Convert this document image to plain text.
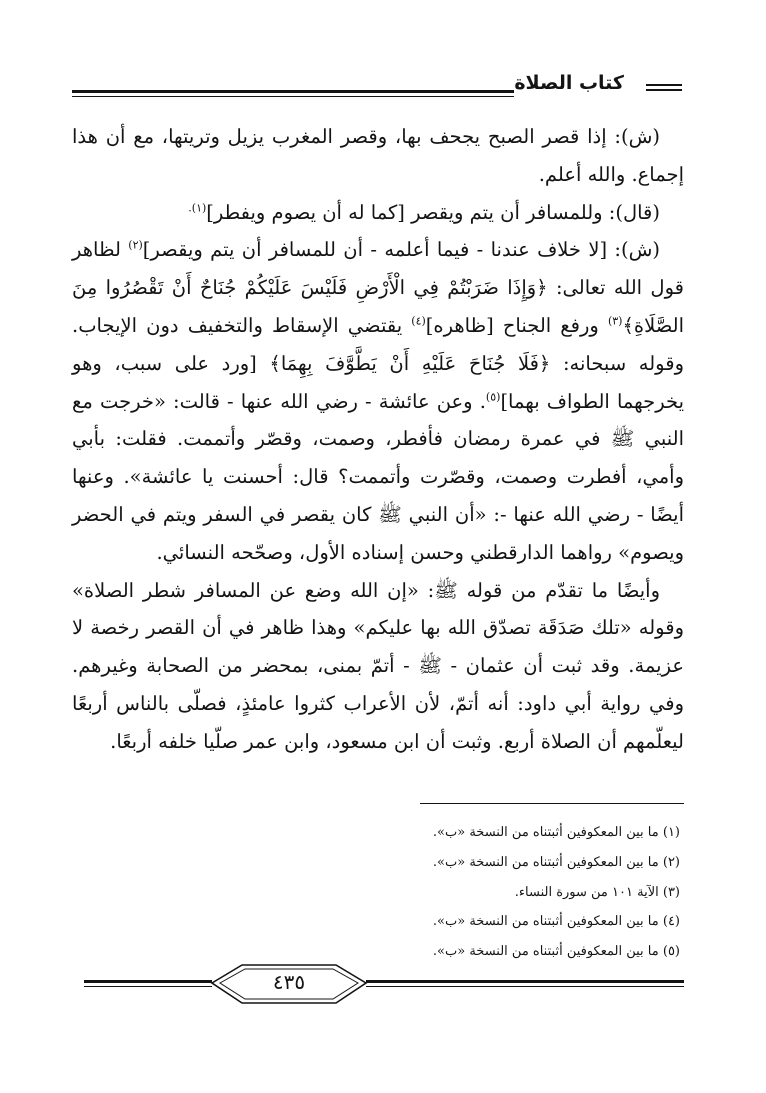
كتاب الصلاة

(ش): إذا قصر الصبح يجحف بها، وقصر المغرب يزيل وتريتها، مع أن هذا إجماع. والله أعلم.

(قال): وللمسافر أن يتم ويقصر [كما له أن يصوم ويفطر]$^{(١).}$

(ش): [لا خلاف عندنا - فيما أعلمه - أن للمسافر أن يتم ويقصر]$^{(٢)}$ لظاهر قول الله تعالى: ﴿وَإِذَا ضَرَبْتُمْ فِي الْأَرْضِ فَلَيْسَ عَلَيْكُمْ جُنَاحٌ أَنْ تَقْصُرُوا مِنَ الصَّلَاةِ﴾$^{(٣)}$ ورفع الجناح [ظاهره]$^{(٤)}$ يقتضي الإسقاط والتخفيف دون الإيجاب. وقوله سبحانه: ﴿فَلَا جُنَاحَ عَلَيْهِ أَنْ يَطَّوَّفَ بِهِمَا﴾ [ورد على سبب، وهو يخرجهما الطواف بهما]$^{(٥)}$. وعن عائشة - رضي الله عنها - قالت: «خرجت مع النبي ﷺ في عمرة رمضان فأفطر، وصمت، وقصّر وأتممت. فقلت: بأبي وأمي، أفطرت وصمت، وقصّرت وأتممت؟ قال: أحسنت يا عائشة». وعنها أيضًا - رضي الله عنها -: «أن النبي ﷺ كان يقصر في السفر ويتم في الحضر ويصوم» رواهما الدارقطني وحسن إسناده الأول، وصحّحه النسائي.

وأيضًا ما تقدّم من قوله ﷺ: «إن الله وضع عن المسافر شطر الصلاة» وقوله «تلك صَدَقَة تصدّق الله بها عليكم» وهذا ظاهر في أن القصر رخصة لا عزيمة. وقد ثبت أن عثمان - ﷺ - أتمّ بمنى، بمحضر من الصحابة وغيرهم. وفي رواية أبي داود: أنه أتمّ، لأن الأعراب كثروا عامئذٍ، فصلّى بالناس أربعًا ليعلّمهم أن الصلاة أربع. وثبت أن ابن مسعود، وابن عمر صلّيا خلفه أربعًا.

(١) ما بين المعكوفين أثبتناه من النسخة «ب».
(٢) ما بين المعكوفين أثبتناه من النسخة «ب».
(٣) الآية ١٠١ من سورة النساء.
(٤) ما بين المعكوفين أثبتناه من النسخة «ب».
(٥) ما بين المعكوفين أثبتناه من النسخة «ب».
٤٣٥
